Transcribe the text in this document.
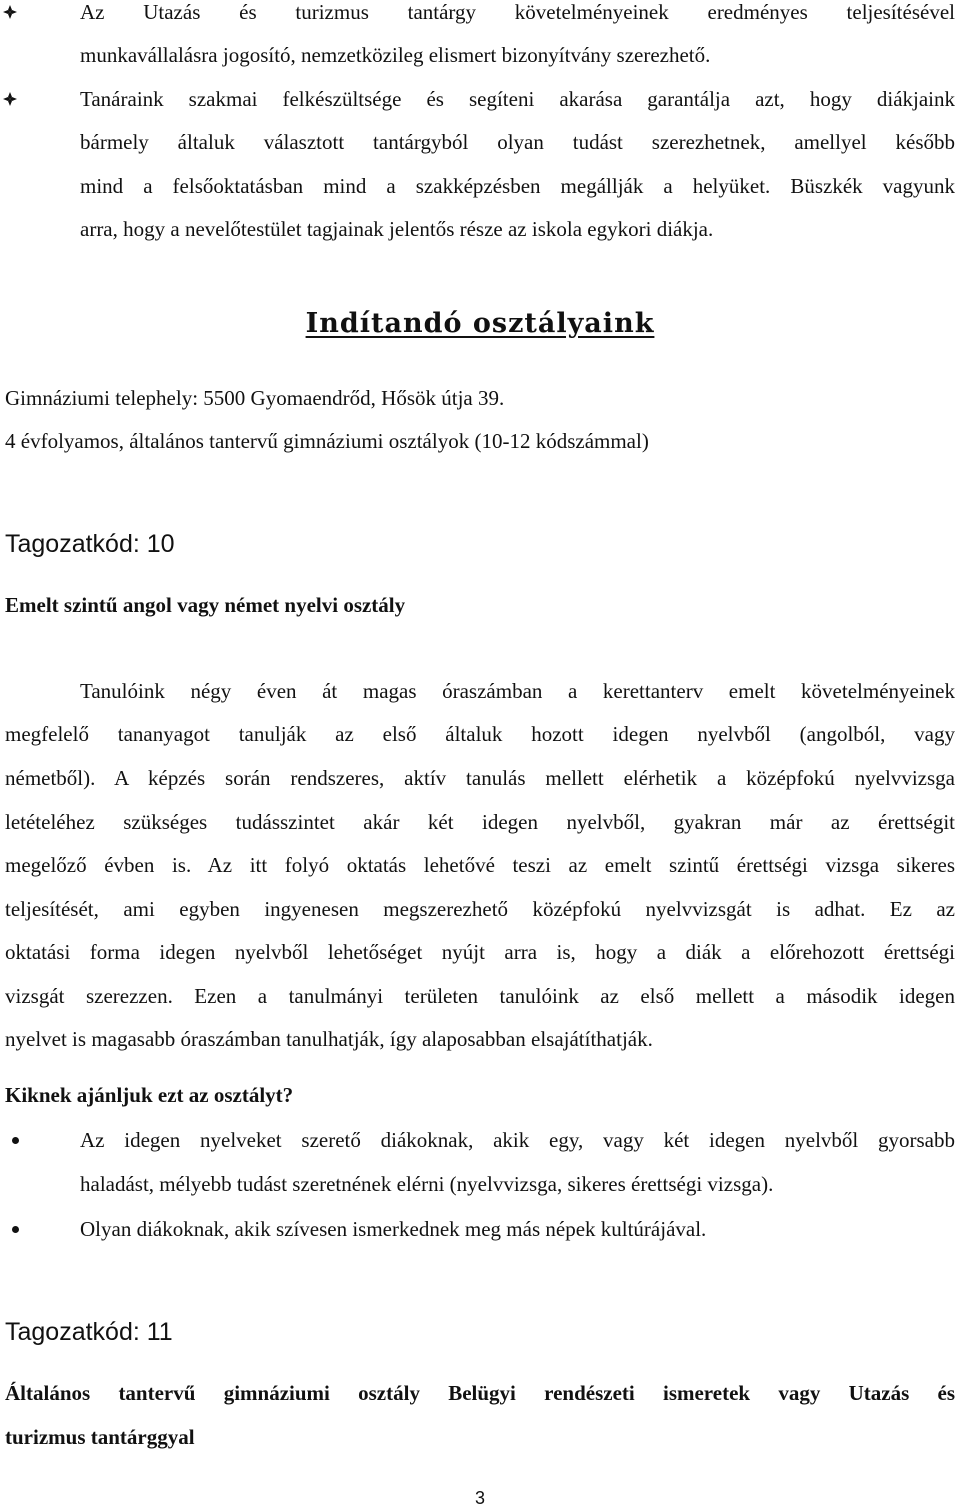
Az Utazás és turizmus tantárgy követelményeinek eredményes teljesítésével
munkavállalásra jogosító, nemzetközileg elismert bizonyítvány szerezhető.
Tanáraink szakmai felkészültsége és segíteni akarása garantálja azt, hogy diákjaink
bármely általuk választott tantárgyból olyan tudást szerezhetnek, amellyel később
mind a felsőoktatásban mind a szakképzésben megállják a helyüket. Büszkék vagyunk
arra, hogy a nevelőtestület tagjainak jelentős része az iskola egykori diákja.
Indítandó osztályaink
Gimnáziumi telephely: 5500 Gyomaendrőd, Hősök útja 39.
4 évfolyamos, általános tantervű gimnáziumi osztályok (10-12 kódszámmal)
Tagozatkód: 10
Emelt szintű angol vagy német nyelvi osztály
Tanulóink négy éven át magas óraszámban a kerettanterv emelt követelményeinek
megfelelő tananyagot tanulják az első általuk hozott idegen nyelvből (angolból, vagy
németből). A képzés során rendszeres, aktív tanulás mellett elérhetik a középfokú nyelvvizsga
letételéhez szükséges tudásszintet akár két idegen nyelvből, gyakran már az érettségit
megelőző évben is. Az itt folyó oktatás lehetővé teszi az emelt szintű érettségi vizsga sikeres
teljesítését, ami egyben ingyenesen megszerezhető középfokú nyelvvizsgát is adhat. Ez az
oktatási forma idegen nyelvből lehetőséget nyújt arra is, hogy a diák a előrehozott érettségi
vizsgát szerezzen. Ezen a tanulmányi területen tanulóink az első mellett a második idegen
nyelvet is magasabb óraszámban tanulhatják, így alaposabban elsajátíthatják.
Kiknek ajánljuk ezt az osztályt?
Az idegen nyelveket szerető diákoknak, akik egy, vagy két idegen nyelvből gyorsabb
haladást, mélyebb tudást szeretnének elérni (nyelvvizsga, sikeres érettségi vizsga).
Olyan diákoknak, akik szívesen ismerkednek meg más népek kultúrájával.
Tagozatkód: 11
Általános tantervű gimnáziumi osztály Belügyi rendészeti ismeretek vagy Utazás és
turizmus tantárggyal
3
